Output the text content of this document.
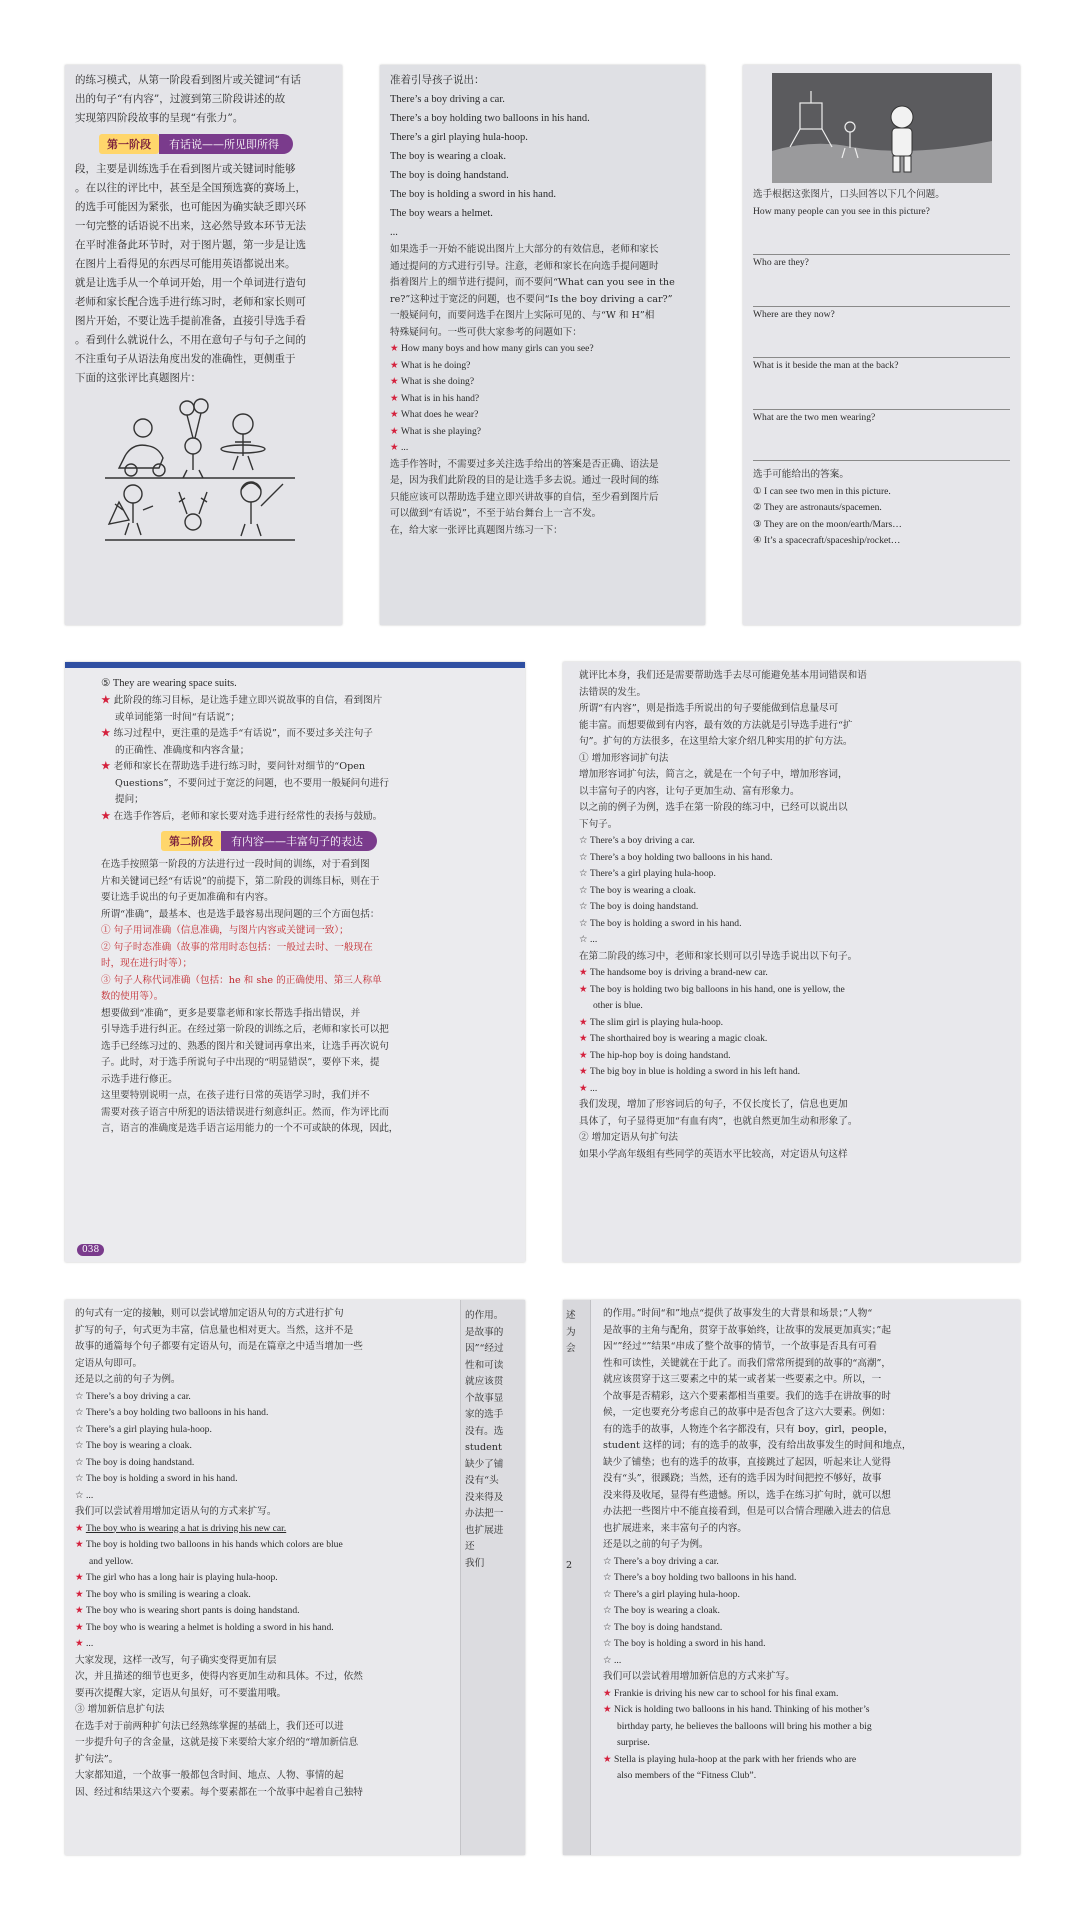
的练习模式，从第一阶段看到图片或关键词“有话
出的句子“有内容”，过渡到第三阶段讲述的故
实现第四阶段故事的呈现“有张力”。
第一阶段	有话说——所见即所得
段，主要是训练选手在看到图片或关键词时能够
。在以往的评比中，甚至是全国预选赛的赛场上，
的选手可能因为紧张，也可能因为确实缺乏即兴环
一句完整的话语说不出来，这必然导致本环节无法
在平时准备此环节时，对于图片题，第一步是让选
在图片上看得见的东西尽可能用英语都说出来。
就是让选手从一个单词开始，用一个单词进行造句
老师和家长配合选手进行练习时，老师和家长则可
图片开始，不要让选手提前准备，直接引导选手看
。看到什么就说什么，不用在意句子与句子之间的
不注重句子从语法角度出发的准确性，更侧重于
下面的这张评比真题图片：
准着引导孩子说出：
There’s a boy driving a car.
There’s a boy holding two balloons in his hand.
There’s a girl playing hula-hoop.
The boy is wearing a cloak.
The boy is doing handstand.
The boy is holding a sword in his hand.
The boy wears a helmet.
...
如果选手一开始不能说出图片上大部分的有效信息，老师和家长
通过提问的方式进行引导。注意，老师和家长在向选手提问题时
指着图片上的细节进行提问，而不要问“What can you see in the
re?”这种过于宽泛的问题，也不要问“Is the boy driving a car?”
一般疑问句，而要问选手在图片上实际可见的、与“W 和 H”相
特殊疑问句。一些可供大家参考的问题如下：
★ How many boys and how many girls can you see?
★ What is he doing?
★ What is she doing?
★ What is in his hand?
★ What does he wear?
★ What is she playing?
★ ...
选手作答时，不需要过多关注选手给出的答案是否正确、语法是
是，因为我们此阶段的目的是让选手多去说。通过一段时间的练
只能应该可以帮助选手建立即兴讲故事的自信，至少看到图片后
可以做到“有话说”，不至于站台舞台上一言不发。
在，给大家一张评比真题图片练习一下：
选手根据这张图片，口头回答以下几个问题。
How many people can you see in this picture?
Who are they?
Where are they now?
What is it beside the man at the back?
What are the two men wearing?
选手可能给出的答案。
① I can see two men in this picture.
② They are astronauts/spacemen.
③ They are on the moon/earth/Mars…
④ It’s a spacecraft/spaceship/rocket…
⑤ They are wearing space suits.
★ 此阶段的练习目标，是让选手建立即兴说故事的自信，看到图片
或单词能第一时间“有话说”；
★ 练习过程中，更注重的是选手“有话说”，而不要过多关注句子
的正确性、准确度和内容含量；
★ 老师和家长在帮助选手进行练习时，要问针对细节的“Open
Questions”，不要问过于宽泛的问题，也不要用一般疑问句进行
提问；
★ 在选手作答后，老师和家长要对选手进行经常性的表扬与鼓励。
第二阶段	有内容——丰富句子的表达
在选手按照第一阶段的方法进行过一段时间的训练，对于看到图
片和关键词已经“有话说”的前提下，第二阶段的训练目标，则在于
要让选手说出的句子更加准确和有内容。
所谓“准确”，最基本、也是选手最容易出现问题的三个方面包括：
① 句子用词准确（信息准确，与图片内容或关键词一致）；
② 句子时态准确（故事的常用时态包括：一般过去时、一般现在
时，现在进行时等）；
③ 句子人称代词准确（包括：he 和 she 的正确使用、第三人称单
数的使用等）。
想要做到“准确”，更多是要靠老师和家长帮选手指出错误，并
引导选手进行纠正。在经过第一阶段的训练之后，老师和家长可以把
选手已经练习过的、熟悉的图片和关键词再拿出来，让选手再次说句
子。此时，对于选手所说句子中出现的“明显错误”，要停下来，提
示选手进行修正。
这里要特别说明一点，在孩子进行日常的英语学习时，我们并不
需要对孩子语言中所犯的语法错误进行刻意纠正。然而，作为评比而
言，语言的准确度是选手语言运用能力的一个不可或缺的体现，因此，
038
就评比本身，我们还是需要帮助选手去尽可能避免基本用词错误和语
法错误的发生。
所谓“有内容”，则是指选手所说出的句子要能做到信息量尽可
能丰富。而想要做到有内容，最有效的方法就是引导选手进行“扩
句”。扩句的方法很多，在这里给大家介绍几种实用的扩句方法。
① 增加形容词扩句法
增加形容词扩句法，简言之，就是在一个句子中，增加形容词，
以丰富句子的内容，让句子更加生动、富有形象力。
以之前的例子为例，选手在第一阶段的练习中，已经可以说出以
下句子。
☆ There’s a boy driving a car.
☆ There’s a boy holding two balloons in his hand.
☆ There’s a girl playing hula-hoop.
☆ The boy is wearing a cloak.
☆ The boy is doing handstand.
☆ The boy is holding a sword in his hand.
☆ ...
在第二阶段的练习中，老师和家长则可以引导选手说出以下句子。
★ The handsome boy is driving a brand-new car.
★ The boy is holding two big balloons in his hand, one is yellow, the
other is blue.
★ The slim girl is playing hula-hoop.
★ The shorthaired boy is wearing a magic cloak.
★ The hip-hop boy is doing handstand.
★ The big boy in blue is holding a sword in his left hand.
★ ...
我们发现，增加了形容词后的句子，不仅长度长了，信息也更加
具体了，句子显得更加“有血有肉”，也就自然更加生动和形象了。
② 增加定语从句扩句法
如果小学高年级组有些同学的英语水平比较高，对定语从句这样
的句式有一定的接触，则可以尝试增加定语从句的方式进行扩句
扩写的句子，句式更为丰富，信息量也相对更大。当然，这并不是
故事的通篇每个句子都要有定语从句，而是在篇章之中适当增加一些
定语从句即可。
还是以之前的句子为例。
☆ There’s a boy driving a car.
☆ There’s a boy holding two balloons in his hand.
☆ There’s a girl playing hula-hoop.
☆ The boy is wearing a cloak.
☆ The boy is doing handstand.
☆ The boy is holding a sword in his hand.
☆ ...
我们可以尝试着用增加定语从句的方式来扩写。
★ The boy who is wearing a hat is driving his new car.
★ The boy is holding two balloons in his hands which colors are blue
and yellow.
★ The girl who has a long hair is playing hula-hoop.
★ The boy who is smiling is wearing a cloak.
★ The boy who is wearing short pants is doing handstand.
★ The boy who is wearing a helmet is holding a sword in his hand.
★ ...
大家发现，这样一改写，句子确实变得更加有层
次，并且描述的细节也更多，使得内容更加生动和具体。不过，依然
要再次提醒大家，定语从句虽好，可不要滥用哦。
③ 增加新信息扩句法
在选手对于前两种扩句法已经熟练掌握的基础上，我们还可以进
一步提升句子的含金量，这就是接下来要给大家介绍的“增加新信息
扩句法”。
大家都知道，一个故事一般都包含时间、地点、人物、事情的起
因、经过和结果这六个要素。每个要素都在一个故事中起着自己独特
的作用。
是故事的
因”“经过
性和可读
就应该贯
个故事显
家的选手
没有。选
student
缺少了铺
没有“头
没来得及
办法把一
也扩展进
还
我们
述
为
会
2
的作用。”时间“和”地点“提供了故事发生的大背景和场景；”人物“
是故事的主角与配角，贯穿于故事始终，让故事的发展更加真实；”起
因“”经过“”结果“串成了整个故事的情节，一个故事是否具有可看
性和可读性，关键就在于此了。而我们常常所提到的故事的“高潮”，
就应该贯穿于这三要素之中的某一或者某一些要素之中。所以，一
个故事是否精彩，这六个要素都相当重要。我们的选手在讲故事的时
候，一定也要充分考虑自己的故事中是否包含了这六大要素。例如：
有的选手的故事，人物连个名字都没有，只有 boy，girl，people，
student 这样的词；有的选手的故事，没有给出故事发生的时间和地点，
缺少了铺垫；也有的选手的故事，直接跳过了起因，听起来让人觉得
没有“头”，很蹊跷；当然，还有的选手因为时间把控不够好，故事
没来得及收尾，显得有些遗憾。所以，选手在练习扩句时，就可以想
办法把一些图片中不能直接看到，但是可以合情合理融入进去的信息
也扩展进来，来丰富句子的内容。
还是以之前的句子为例。
☆ There’s a boy driving a car.
☆ There’s a boy holding two balloons in his hand.
☆ There’s a girl playing hula-hoop.
☆ The boy is wearing a cloak.
☆ The boy is doing handstand.
☆ The boy is holding a sword in his hand.
☆ ...
我们可以尝试着用增加新信息的方式来扩写。
★ Frankie is driving his new car to school for his final exam.
★ Nick is holding two balloons in his hand. Thinking of his mother’s
birthday party, he believes the balloons will bring his mother a big
surprise.
★ Stella is playing hula-hoop at the park with her friends who are
also members of the “Fitness Club”.
